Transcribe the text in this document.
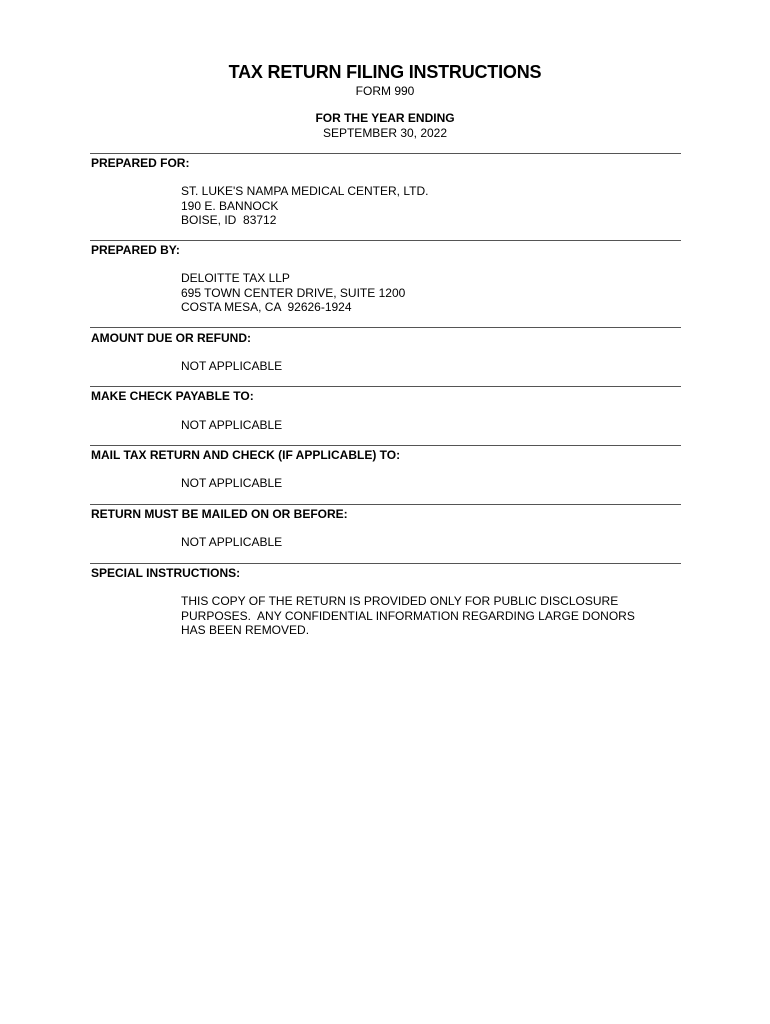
TAX RETURN FILING INSTRUCTIONS
FORM 990
FOR THE YEAR ENDING
SEPTEMBER 30, 2022
PREPARED FOR:
ST. LUKE'S NAMPA MEDICAL CENTER, LTD.
190 E. BANNOCK
BOISE, ID  83712
PREPARED BY:
DELOITTE TAX LLP
695 TOWN CENTER DRIVE, SUITE 1200
COSTA MESA, CA  92626-1924
AMOUNT DUE OR REFUND:
NOT APPLICABLE
MAKE CHECK PAYABLE TO:
NOT APPLICABLE
MAIL TAX RETURN AND CHECK (IF APPLICABLE) TO:
NOT APPLICABLE
RETURN MUST BE MAILED ON OR BEFORE:
NOT APPLICABLE
SPECIAL INSTRUCTIONS:
THIS COPY OF THE RETURN IS PROVIDED ONLY FOR PUBLIC DISCLOSURE
PURPOSES.  ANY CONFIDENTIAL INFORMATION REGARDING LARGE DONORS
HAS BEEN REMOVED.
